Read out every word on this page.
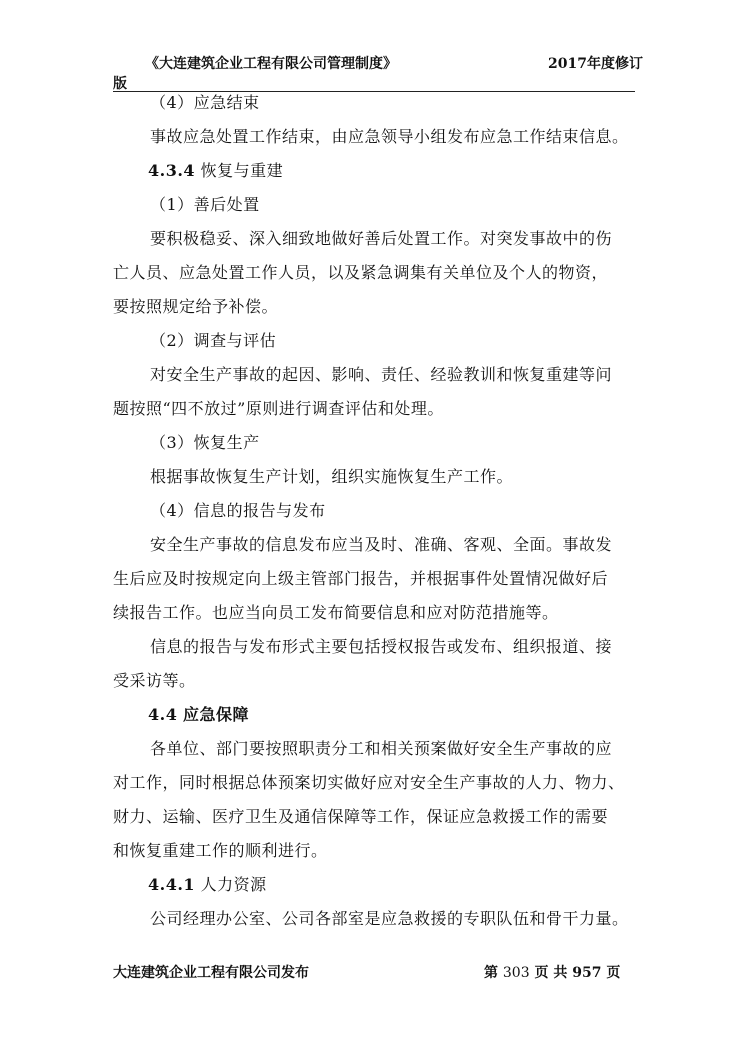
《大连建筑企业工程有限公司管理制度》	2017年度修订
版
（4）应急结束
事故应急处置工作结束，由应急领导小组发布应急工作结束信息。
4.3.4 恢复与重建
（1）善后处置
要积极稳妥、深入细致地做好善后处置工作。对突发事故中的伤
亡人员、应急处置工作人员，以及紧急调集有关单位及个人的物资，
要按照规定给予补偿。
（2）调查与评估
对安全生产事故的起因、影响、责任、经验教训和恢复重建等问
题按照“四不放过”原则进行调查评估和处理。
（3）恢复生产
根据事故恢复生产计划，组织实施恢复生产工作。
（4）信息的报告与发布
安全生产事故的信息发布应当及时、准确、客观、全面。事故发
生后应及时按规定向上级主管部门报告，并根据事件处置情况做好后
续报告工作。也应当向员工发布简要信息和应对防范措施等。
信息的报告与发布形式主要包括授权报告或发布、组织报道、接
受采访等。
4.4 应急保障
各单位、部门要按照职责分工和相关预案做好安全生产事故的应
对工作，同时根据总体预案切实做好应对安全生产事故的人力、物力、
财力、运输、医疗卫生及通信保障等工作，保证应急救援工作的需要
和恢复重建工作的顺利进行。
4.4.1 人力资源
公司经理办公室、公司各部室是应急救援的专职队伍和骨干力量。
大连建筑企业工程有限公司发布	第 303 页 共 957 页
